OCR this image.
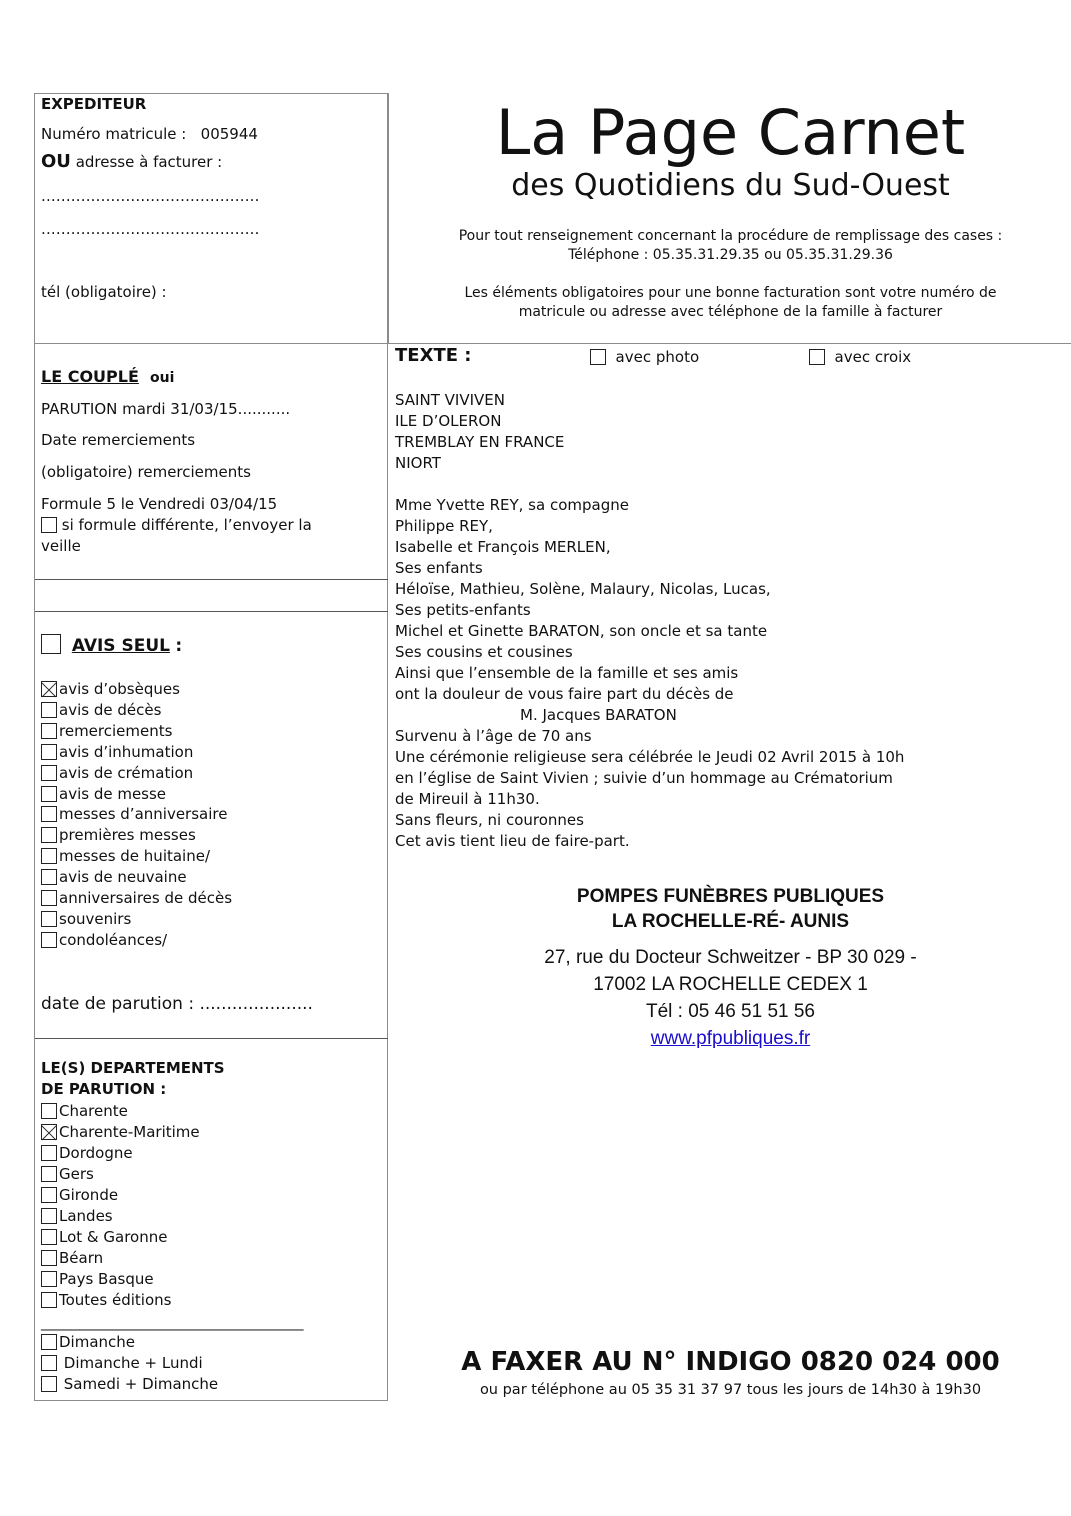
EXPEDITEUR
Numéro matricule : 005944
OU adresse à facturer :
............................................
............................................
tél (obligatoire) :
La Page Carnet
des Quotidiens du Sud-Ouest
Pour tout renseignement concernant la procédure de remplissage des cases :
Téléphone : 05.35.31.29.35 ou 05.35.31.29.36
Les éléments obligatoires pour une bonne facturation sont votre numéro de
matricule ou adresse avec téléphone de la famille à facturer
LE COUPLÉ oui
PARUTION mardi 31/03/15...........
Date remerciements
(obligatoire) remerciements
Formule 5 le Vendredi 03/04/15
si formule différente, l’envoyer la
veille
AVIS SEUL :
avis d’obsèques
avis de décès
remerciements
avis d’inhumation
avis de crémation
avis de messe
messes d’anniversaire
premières messes
messes de huitaine/
avis de neuvaine
anniversaires de décès
souvenirs
condoléances/
date de parution : .....................
LE(S) DEPARTEMENTS
DE PARUTION :
Charente
Charente-Maritime
Dordogne
Gers
Gironde
Landes
Lot & Garonne
Béarn
Pays Basque
Toutes éditions
___________________________________
Dimanche
Dimanche + Lundi
Samedi + Dimanche
TEXTE :	avec photo	avec croix
SAINT VIVIVEN
ILE D’OLERON
TREMBLAY EN FRANCE
NIORT
Mme Yvette REY, sa compagne
Philippe REY,
Isabelle et François MERLEN,
Ses enfants
Héloïse, Mathieu, Solène, Malaury, Nicolas, Lucas,
Ses petits-enfants
Michel et Ginette BARATON, son oncle et sa tante
Ses cousins et cousines
Ainsi que l’ensemble de la famille et ses amis
ont la douleur de vous faire part du décès de
M. Jacques BARATON
Survenu à l’âge de 70 ans
Une cérémonie religieuse sera célébrée le Jeudi 02 Avril 2015 à 10h
en l’église de Saint Vivien ; suivie d’un hommage au Crématorium
de Mireuil à 11h30.
Sans fleurs, ni couronnes
Cet avis tient lieu de faire-part.
POMPES FUNÈBRES PUBLIQUES
LA ROCHELLE-RÉ- AUNIS
27, rue du Docteur Schweitzer - BP 30 029 -
17002 LA ROCHELLE CEDEX 1
Tél : 05 46 51 51 56
www.pfpubliques.fr
A FAXER AU N° INDIGO 0820 024 000
ou par téléphone au 05 35 31 37 97 tous les jours de 14h30 à 19h30
